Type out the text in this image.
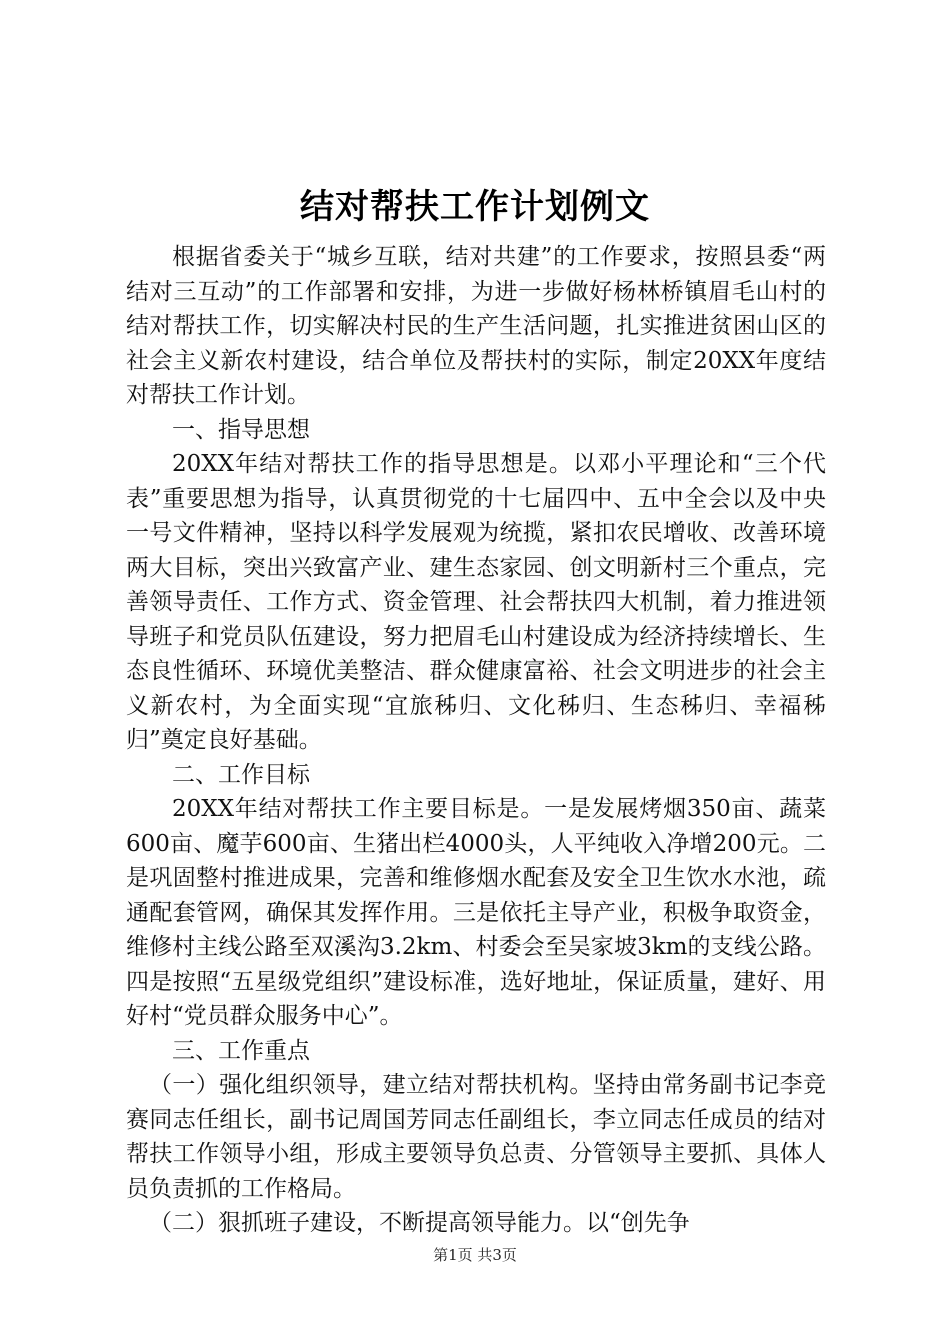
结对帮扶工作计划例文

根据省委关于“城乡互联，结对共建”的工作要求，按照县委“两结对三互动”的工作部署和安排，为进一步做好杨林桥镇眉毛山村的结对帮扶工作，切实解决村民的生产生活问题，扎实推进贫困山区的社会主义新农村建设，结合单位及帮扶村的实际，制定20XX年度结对帮扶工作计划。

一、指导思想

20XX年结对帮扶工作的指导思想是。以邓小平理论和“三个代表”重要思想为指导，认真贯彻党的十七届四中、五中全会以及中央一号文件精神，坚持以科学发展观为统揽，紧扣农民增收、改善环境两大目标，突出兴致富产业、建生态家园、创文明新村三个重点，完善领导责任、工作方式、资金管理、社会帮扶四大机制，着力推进领导班子和党员队伍建设，努力把眉毛山村建设成为经济持续增长、生态良性循环、环境优美整洁、群众健康富裕、社会文明进步的社会主义新农村，为全面实现“宜旅秭归、文化秭归、生态秭归、幸福秭归”奠定良好基础。

二、工作目标

20XX年结对帮扶工作主要目标是。一是发展烤烟350亩、蔬菜600亩、魔芋600亩、生猪出栏4000头，人平纯收入净增200元。二是巩固整村推进成果，完善和维修烟水配套及安全卫生饮水水池，疏通配套管网，确保其发挥作用。三是依托主导产业，积极争取资金，维修村主线公路至双溪沟3.2km、村委会至吴家坡3km的支线公路。四是按照“五星级党组织”建设标准，选好地址，保证质量，建好、用好村“党员群众服务中心”。

三、工作重点

（一）强化组织领导，建立结对帮扶机构。坚持由常务副书记李竞赛同志任组长，副书记周国芳同志任副组长，李立同志任成员的结对帮扶工作领导小组，形成主要领导负总责、分管领导主要抓、具体人员负责抓的工作格局。

（二）狠抓班子建设，不断提高领导能力。以“创先争

第1页 共3页
